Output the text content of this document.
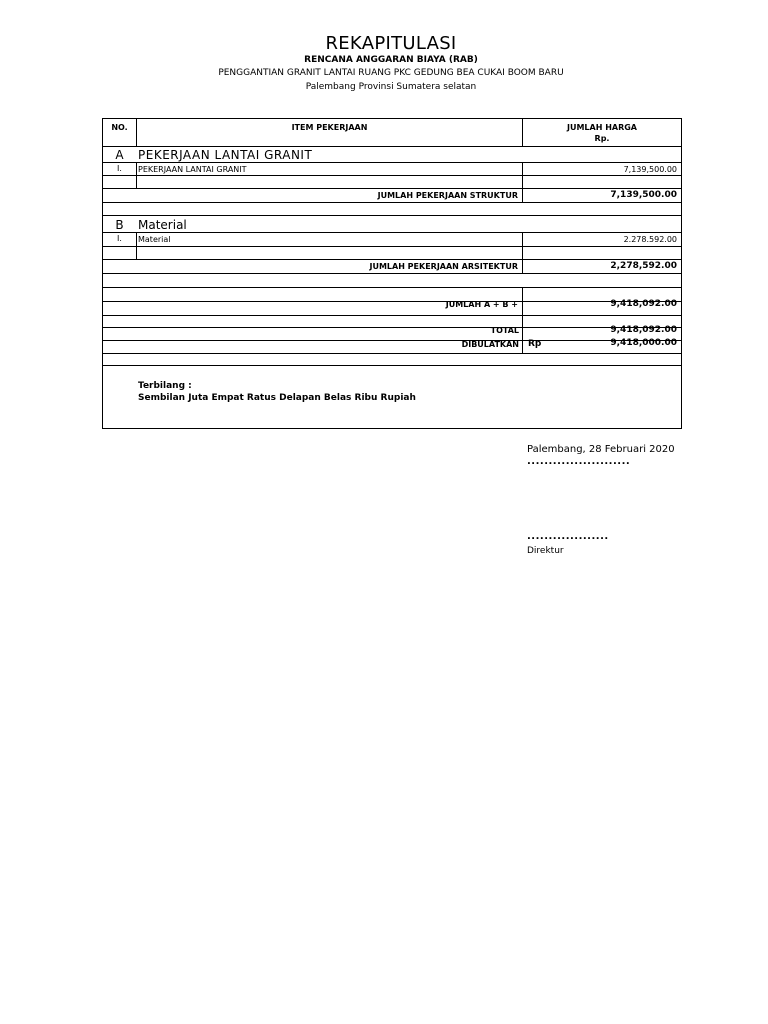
REKAPITULASI
RENCANA ANGGARAN BIAYA (RAB)
PENGGANTIAN GRANIT LANTAI RUANG PKC GEDUNG BEA CUKAI BOOM BARU
Palembang Provinsi Sumatera selatan
NO.	ITEM PEKERJAAN	JUMLAH HARGA
Rp.
A	PEKERJAAN LANTAI GRANIT
I.	PEKERJAAN LANTAI GRANIT	7,139,500.00
JUMLAH PEKERJAAN STRUKTUR	7,139,500.00
B	Material
I.	Material	2.278.592.00
JUMLAH PEKERJAAN ARSITEKTUR	2,278,592.00
JUMLAH A + B +	9,418,092.00
TOTAL	9,418,092.00
DIBULATKAN Rp	9,418,000.00
Terbilang :
Sembilan Juta Empat Ratus Delapan Belas Ribu Rupiah
Palembang, 28 Februari 2020
........................
...................
Direktur
